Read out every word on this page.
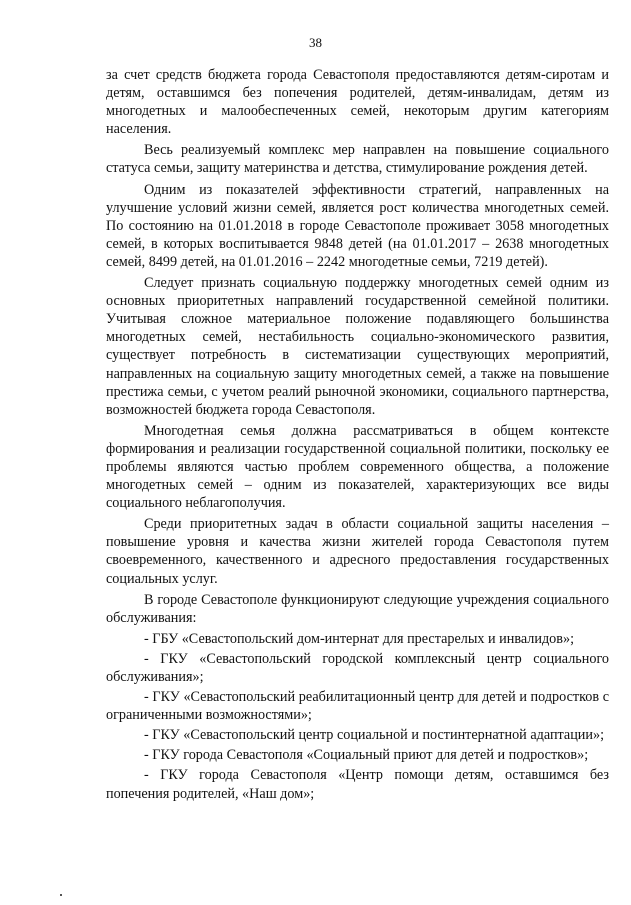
38

за счет средств бюджета города Севастополя предоставляются детям-сиротам и детям, оставшимся без попечения родителей, детям-инвалидам, детям из многодетных и малообеспеченных семей, некоторым другим категориям населения.

Весь реализуемый комплекс мер направлен на повышение социального статуса семьи, защиту материнства и детства, стимулирование рождения детей.

Одним из показателей эффективности стратегий, направленных на улучшение условий жизни семей, является рост количества многодетных семей. По состоянию на 01.01.2018 в городе Севастополе проживает 3058 многодетных семей, в которых воспитывается 9848 детей (на 01.01.2017 – 2638 многодетных семей, 8499 детей, на 01.01.2016 – 2242 многодетные семьи, 7219 детей).

Следует признать социальную поддержку многодетных семей одним из основных приоритетных направлений государственной семейной политики. Учитывая сложное материальное положение подавляющего большинства многодетных семей, нестабильность социально-экономического развития, существует потребность в систематизации существующих мероприятий, направленных на социальную защиту многодетных семей, а также на повышение престижа семьи, с учетом реалий рыночной экономики, социального партнерства, возможностей бюджета города Севастополя.

Многодетная семья должна рассматриваться в общем контексте формирования и реализации государственной социальной политики, поскольку ее проблемы являются частью проблем современного общества, а положение многодетных семей – одним из показателей, характеризующих все виды социального неблагополучия.

Среди приоритетных задач в области социальной защиты населения – повышение уровня и качества жизни жителей города Севастополя путем своевременного, качественного и адресного предоставления государственных социальных услуг.

В городе Севастополе функционируют следующие учреждения социального обслуживания:

- ГБУ «Севастопольский дом-интернат для престарелых и инвалидов»;

- ГКУ «Севастопольский городской комплексный центр социального обслуживания»;

- ГКУ «Севастопольский реабилитационный центр для детей и подростков с ограниченными возможностями»;

- ГКУ «Севастопольский центр социальной и постинтернатной адаптации»;

- ГКУ города Севастополя «Социальный приют для детей и подростков»;

- ГКУ города Севастополя «Центр помощи детям, оставшимся без попечения родителей, «Наш дом»;
